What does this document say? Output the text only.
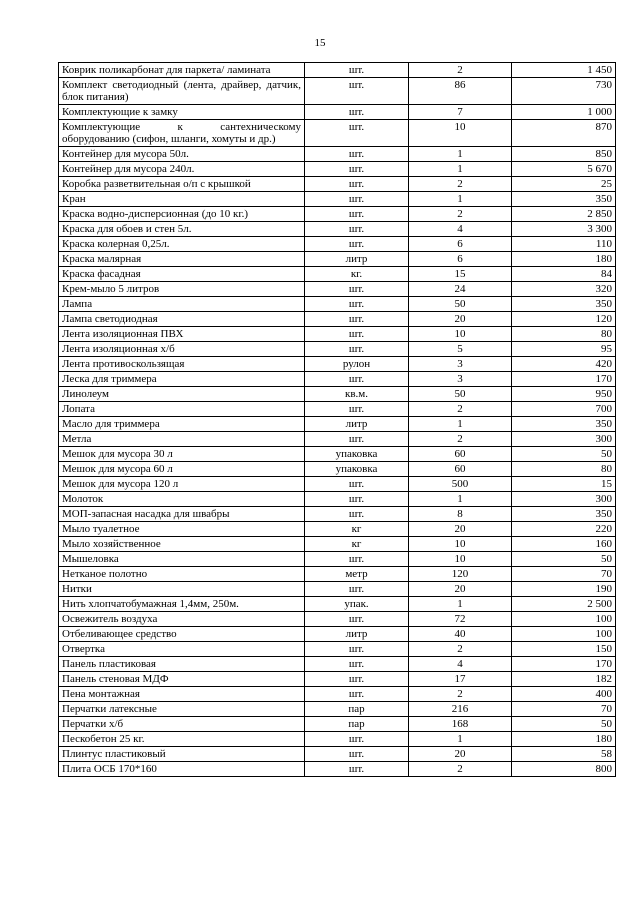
15
Коврик поликарбонат для паркета/ ламината	шт.	2	1 450
Комплект светодиодный (лента, драйвер, датчик, блок питания)	шт.	86	730
Комплектующие к замку	шт.	7	1 000
Комплектующие к сантехническому оборудованию (сифон, шланги, хомуты и др.)	шт.	10	870
Контейнер для мусора 50л.	шт.	1	850
Контейнер для мусора 240л.	шт.	1	5 670
Коробка разветвительная о/п с крышкой	шт.	2	25
Кран	шт.	1	350
Краска водно-дисперсионная (до 10 кг.)	шт.	2	2 850
Краска для обоев и стен 5л.	шт.	4	3 300
Краска колерная 0,25л.	шт.	6	110
Краска малярная	литр	6	180
Краска фасадная	кг.	15	84
Крем-мыло 5 литров	шт.	24	320
Лампа	шт.	50	350
Лампа светодиодная	шт.	20	120
Лента изоляционная ПВХ	шт.	10	80
Лента изоляционная х/б	шт.	5	95
Лента противоскользящая	рулон	3	420
Леска для триммера	шт.	3	170
Линолеум	кв.м.	50	950
Лопата	шт.	2	700
Масло для триммера	литр	1	350
Метла	шт.	2	300
Мешок для мусора 30 л	упаковка	60	50
Мешок для мусора 60 л	упаковка	60	80
Мешок для мусора 120 л	шт.	500	15
Молоток	шт.	1	300
МОП-запасная насадка для швабры	шт.	8	350
Мыло туалетное	кг	20	220
Мыло хозяйственное	кг	10	160
Мышеловка	шт.	10	50
Нетканое полотно	метр	120	70
Нитки	шт.	20	190
Нить хлопчатобумажная 1,4мм, 250м.	упак.	1	2 500
Освежитель воздуха	шт.	72	100
Отбеливающее средство	литр	40	100
Отвертка	шт.	2	150
Панель пластиковая	шт.	4	170
Панель стеновая МДФ	шт.	17	182
Пена монтажная	шт.	2	400
Перчатки латексные	пар	216	70
Перчатки х/б	пар	168	50
Пескобетон 25 кг.	шт.	1	180
Плинтус пластиковый	шт.	20	58
Плита ОСБ 170*160	шт.	2	800
